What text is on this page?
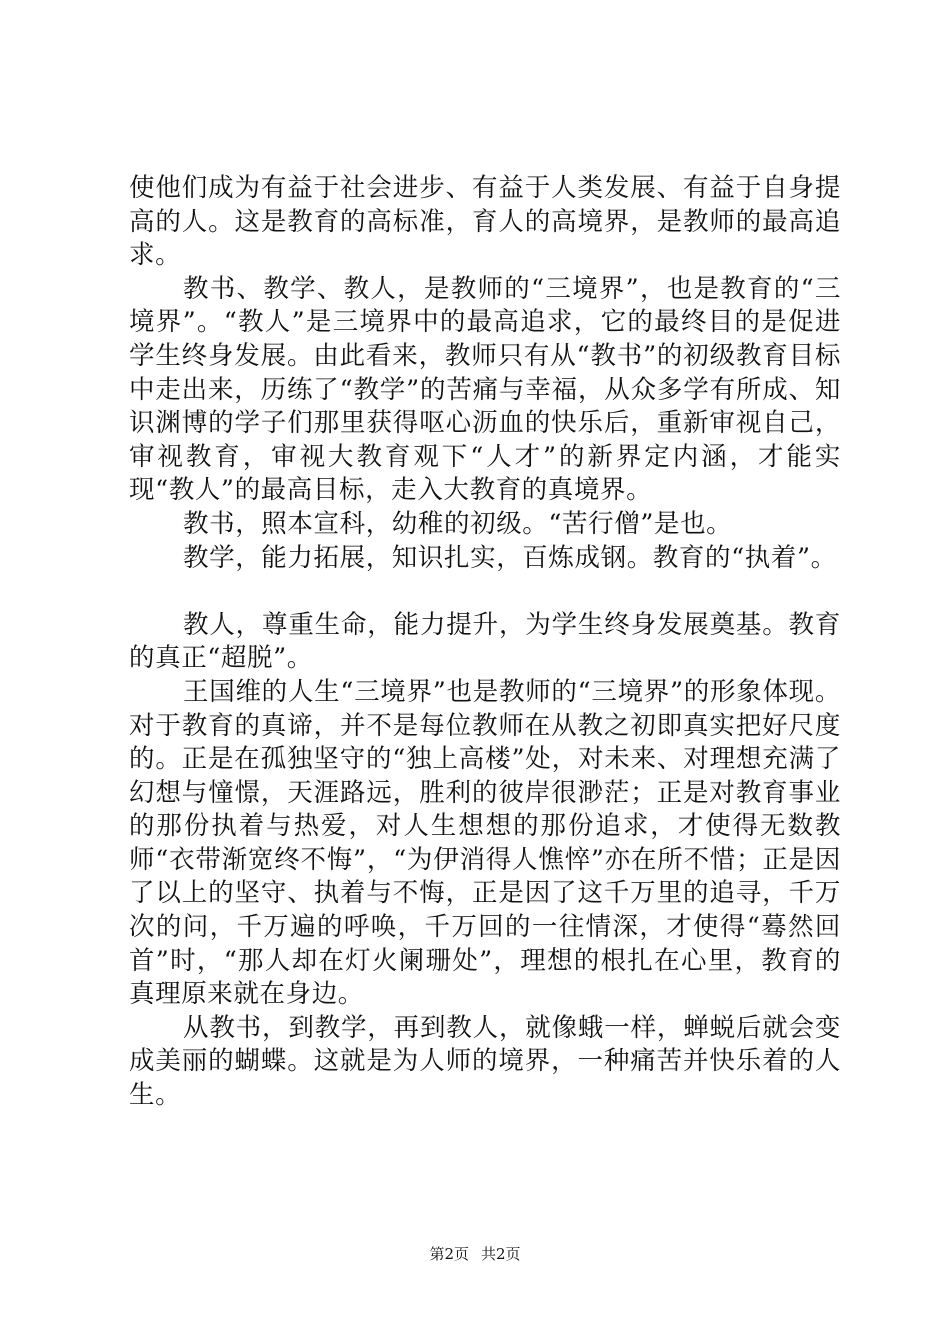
使他们成为有益于社会进步、有益于人类发展、有益于自身提高的人。这是教育的高标准，育人的高境界，是教师的最高追求。

教书、教学、教人，是教师的“三境界”，也是教育的“三境界”。“教人”是三境界中的最高追求，它的最终目的是促进学生终身发展。由此看来，教师只有从“教书”的初级教育目标中走出来，历练了“教学”的苦痛与幸福，从众多学有所成、知识渊博的学子们那里获得呕心沥血的快乐后，重新审视自己，审视教育，审视大教育观下“人才”的新界定内涵，才能实现“教人”的最高目标，走入大教育的真境界。

教书，照本宣科，幼稚的初级。“苦行僧”是也。

教学，能力拓展，知识扎实，百炼成钢。教育的“执着”。

教人，尊重生命，能力提升，为学生终身发展奠基。教育的真正“超脱”。

王国维的人生“三境界”也是教师的“三境界”的形象体现。对于教育的真谛，并不是每位教师在从教之初即真实把好尺度的。正是在孤独坚守的“独上高楼”处，对未来、对理想充满了幻想与憧憬，天涯路远，胜利的彼岸很渺茫；正是对教育事业的那份执着与热爱，对人生想想的那份追求，才使得无数教师“衣带渐宽终不悔”，“为伊消得人憔悴”亦在所不惜；正是因了以上的坚守、执着与不悔，正是因了这千万里的追寻，千万次的问，千万遍的呼唤，千万回的一往情深，才使得“蓦然回首”时，“那人却在灯火阑珊处”，理想的根扎在心里，教育的真理原来就在身边。

从教书，到教学，再到教人，就像蛾一样，蝉蜕后就会变成美丽的蝴蝶。这就是为人师的境界，一种痛苦并快乐着的人生。

第2页 共2页
